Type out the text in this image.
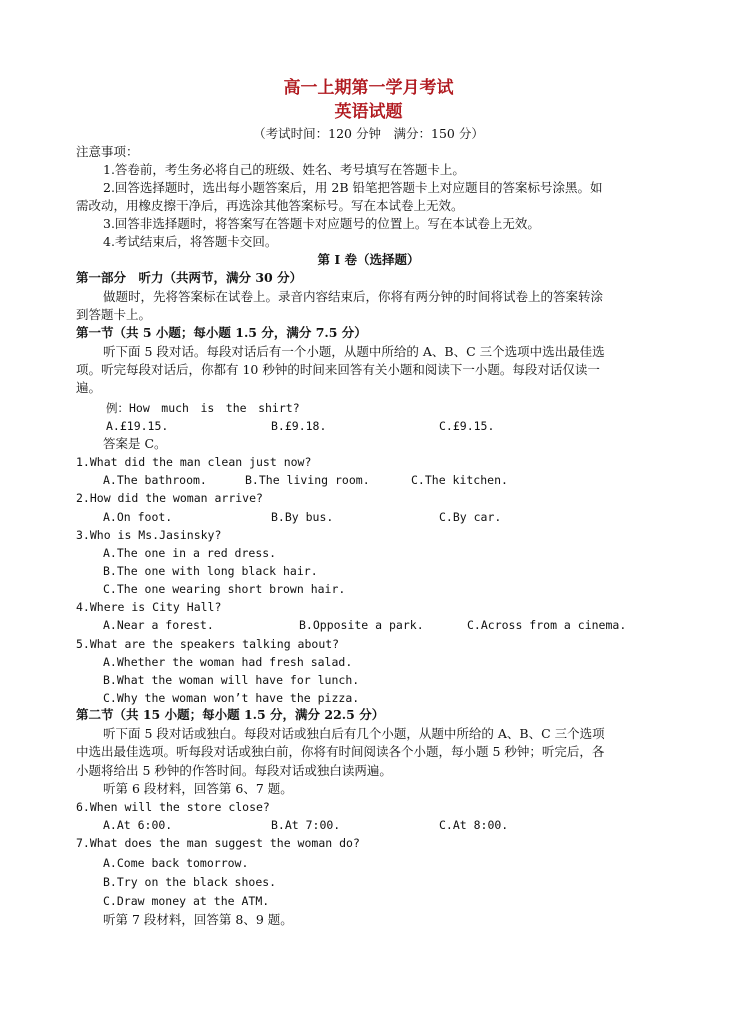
高一上期第一学月考试
英语试题
（考试时间：120 分钟　满分：150 分）
注意事项：
1.答卷前，考生务必将自己的班级、姓名、考号填写在答题卡上。
2.回答选择题时，选出每小题答案后，用 2B 铅笔把答题卡上对应题目的答案标号涂黑。如
需改动，用橡皮擦干净后，再选涂其他答案标号。写在本试卷上无效。
3.回答非选择题时，将答案写在答题卡对应题号的位置上。写在本试卷上无效。
4.考试结束后，将答题卡交回。
第 I 卷（选择题）
第一部分　听力（共两节，满分 30 分）
做题时，先将答案标在试卷上。录音内容结束后，你将有两分钟的时间将试卷上的答案转涂
到答题卡上。
第一节（共 5 小题；每小题 1.5 分，满分 7.5 分）
听下面 5 段对话。每段对话后有一个小题，从题中所给的 A、B、C 三个选项中选出最佳选
项。听完每段对话后，你都有 10 秒钟的时间来回答有关小题和阅读下一小题。每段对话仅读一
遍。
例：How　much　is　the　shirt?
A.£19.15.	B.£9.18.	C.£9.15.
答案是 C。
1.What did the man clean just now?
A.The bathroom.	B.The living room.	C.The kitchen.
2.How did the woman arrive?
A.On foot.	B.By bus.	C.By car.
3.Who is Ms.Jasinsky?
A.The one in a red dress.
B.The one with long black hair.
C.The one wearing short brown hair.
4.Where is City Hall?
A.Near a forest.	B.Opposite a park.	C.Across from a cinema.
5.What are the speakers talking about?
A.Whether the woman had fresh salad.
B.What the woman will have for lunch.
C.Why the woman won’t have the pizza.
第二节（共 15 小题；每小题 1.5 分，满分 22.5 分）
听下面 5 段对话或独白。每段对话或独白后有几个小题，从题中所给的 A、B、C 三个选项
中选出最佳选项。听每段对话或独白前，你将有时间阅读各个小题，每小题 5 秒钟；听完后，各
小题将给出 5 秒钟的作答时间。每段对话或独白读两遍。
听第 6 段材料，回答第 6、7 题。
6.When will the store close?
A.At 6:00.	B.At 7:00.	C.At 8:00.
7.What does the man suggest the woman do?
A.Come back tomorrow.
B.Try on the black shoes.
C.Draw money at the ATM.
听第 7 段材料，回答第 8、9 题。
